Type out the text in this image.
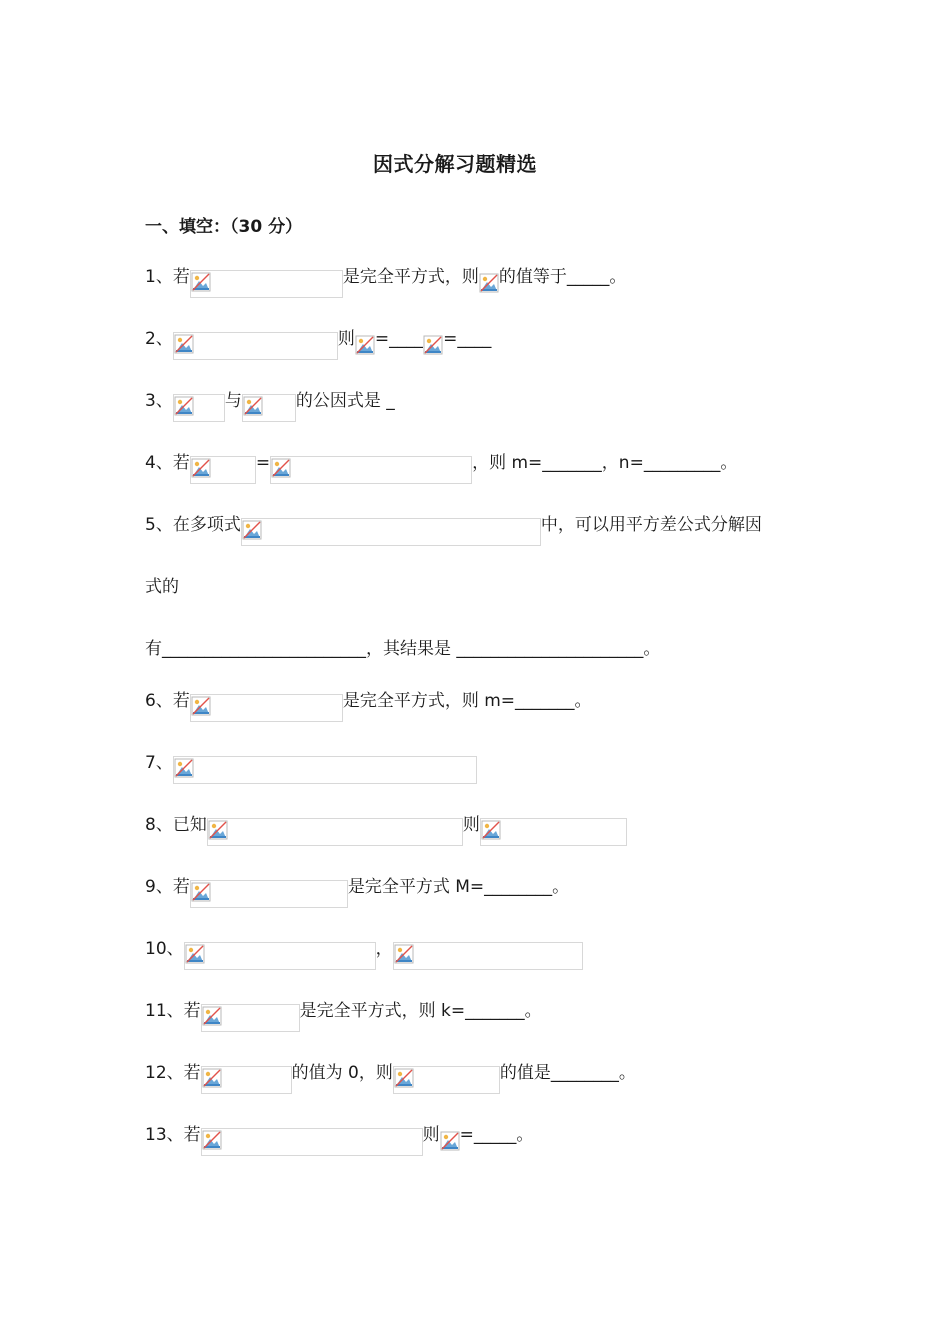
因式分解习题精选
一、填空：（30 分）
1、若	是完全平方式，则 的值等于_____。
2、	则 =____ =____
3、	与	的公因式是 _
4、若	=	，则 m=_______，n=_________。
5、在多项式	中，可以用平方差公式分解因
式的
有________________________，其结果是 ______________________。
6、若	是完全平方式，则 m=_______。
7、
8、已知	则
9、若	是完全平方式 M=________。
10、	，
11、若	是完全平方式，则 k=_______。
12、若	的值为 0，则	的值是________。
13、若	则 =_____。
